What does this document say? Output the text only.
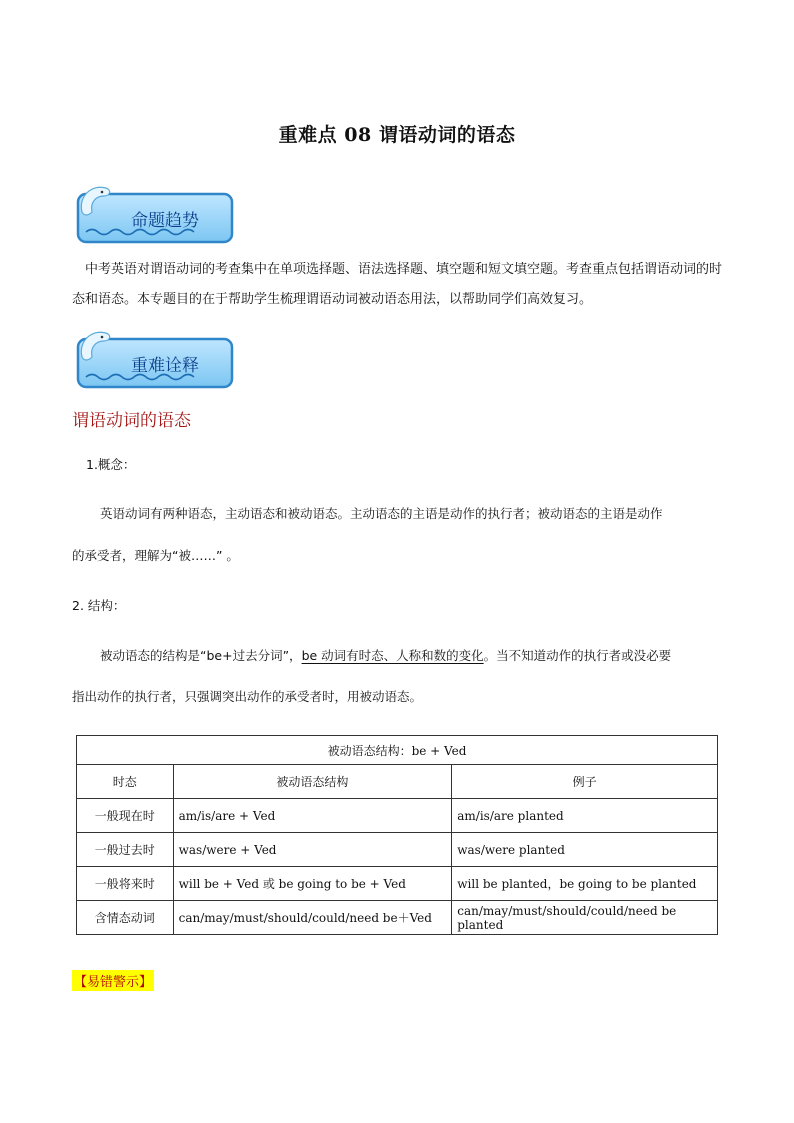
重难点 08 谓语动词的语态
命题趋势

中考英语对谓语动词的考查集中在单项选择题、语法选择题、填空题和短文填空题。考查重点包括谓语动词的时态和语态。本专题目的在于帮助学生梳理谓语动词被动语态用法，以帮助同学们高效复习。

重难诠释
谓语动词的语态
1.概念：
英语动词有两种语态，主动语态和被动语态。主动语态的主语是动作的执行者；被动语态的主语是动作
的承受者，理解为“被……” 。
2. 结构：
被动语态的结构是“be+过去分词”，be 动词有时态、人称和数的变化。当不知道动作的执行者或没必要
指出动作的执行者，只强调突出动作的承受者时，用被动语态。
被动语态结构：be + Ved		
时态	被动语态结构	例子
一般现在时	am/is/are + Ved	am/is/are planted
一般过去时	was/were + Ved	was/were planted
一般将来时	will be + Ved 或 be going to be + Ved	will be planted，be going to be planted
含情态动词	can/may/must/should/could/need be＋Ved	can/may/must/should/could/need be planted
【易错警示】
